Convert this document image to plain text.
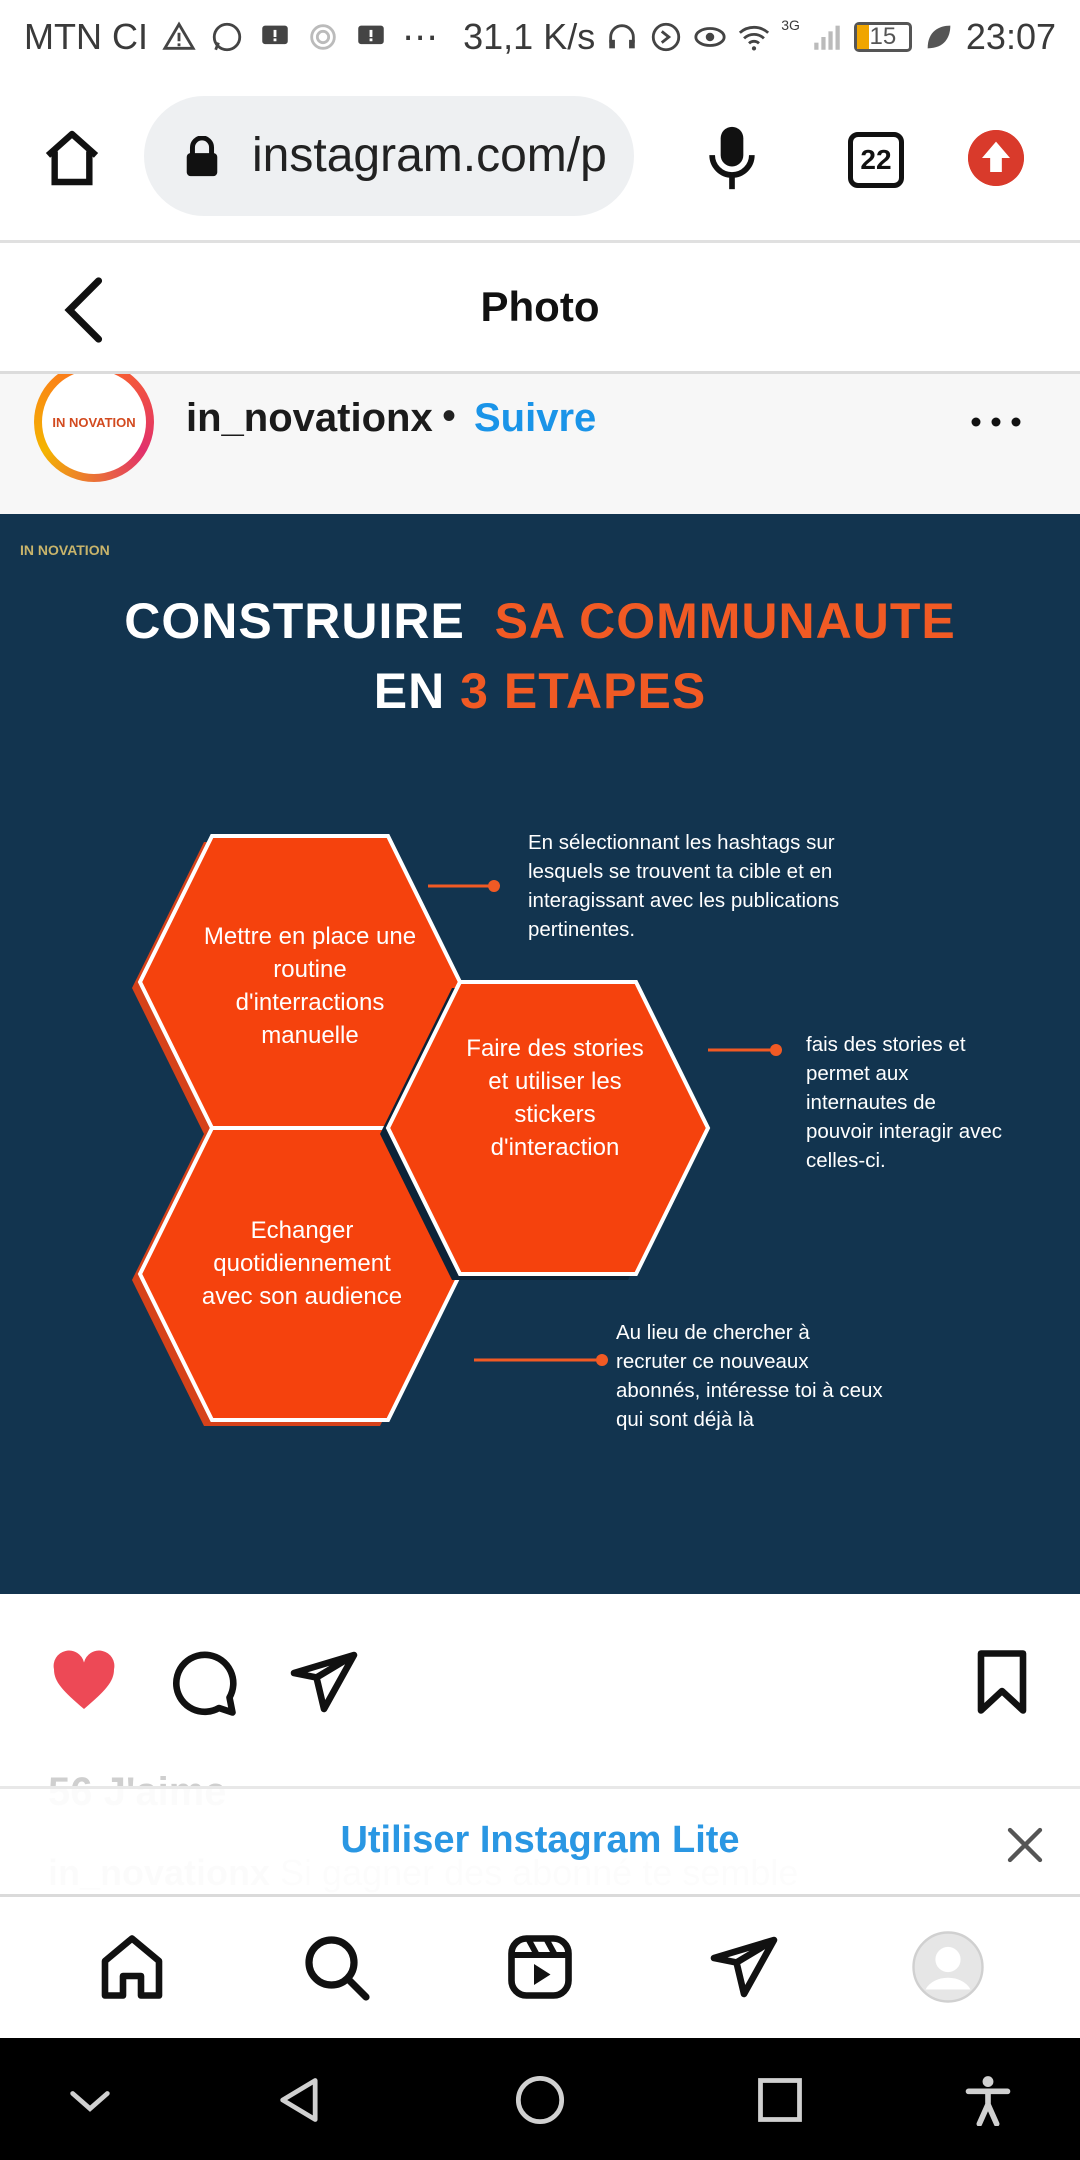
MTN CI	⋯ 31,1 K/s	3G	15 23:07
instagram.com/p	22
Photo
IN NOVATION in_novationx • Suivre
IN NOVATION
CONSTRUIRE SA COMMUNAUTE
EN 3 ETAPES
Mettre en place une routine d'interractions manuelle	Faire des stories et utiliser les stickers d'interaction
Echanger quotidiennement avec son audience
En sélectionnant les hashtags sur lesquels se trouvent ta cible et en interagissant avec les publications pertinentes.
fais des stories et permet aux internautes de pouvoir interagir avec celles-ci.
Au lieu de chercher à recruter ce nouveaux abonnés, intéresse toi à ceux qui sont déjà là
Utiliser Instagram Lite
